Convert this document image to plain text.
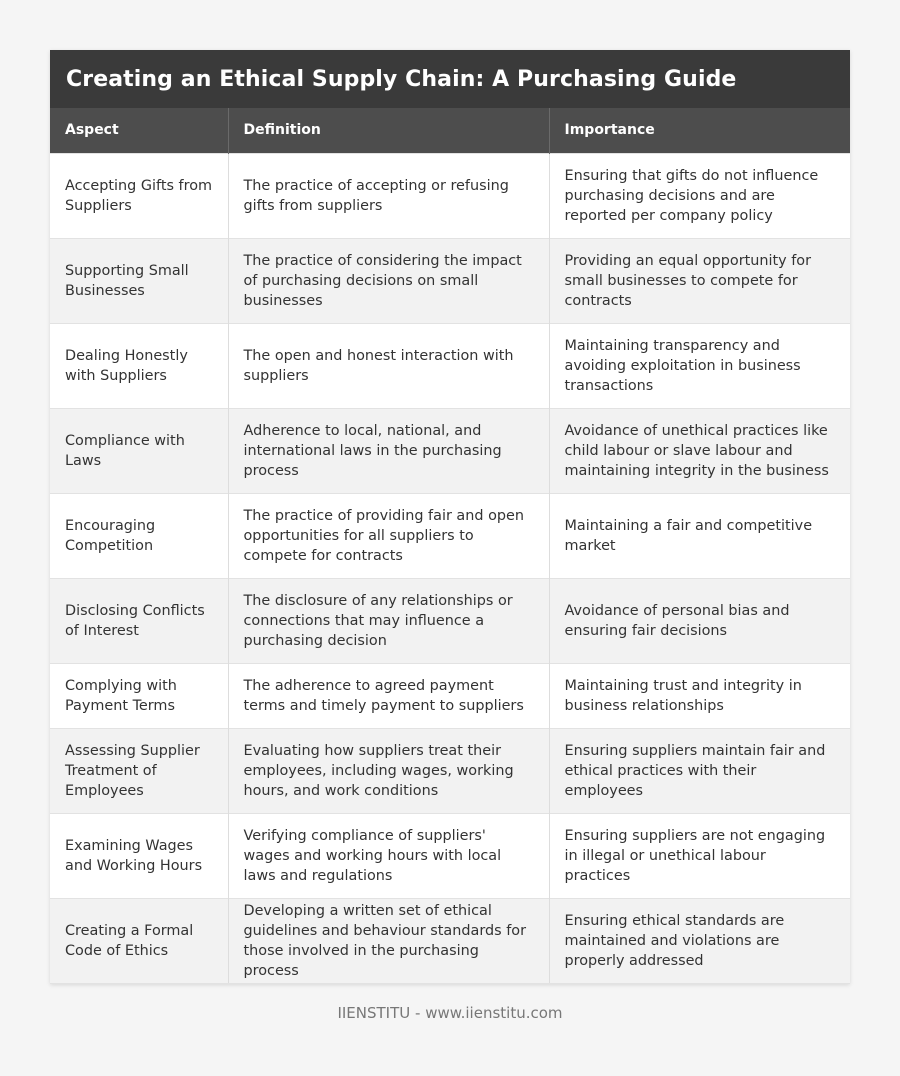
Creating an Ethical Supply Chain: A Purchasing Guide
Aspect	Definition	Importance
Accepting Gifts from Suppliers	The practice of accepting or refusing gifts from suppliers	Ensuring that gifts do not influence purchasing decisions and are reported per company policy
Supporting Small Businesses	The practice of considering the impact of purchasing decisions on small businesses	Providing an equal opportunity for small businesses to compete for contracts
Dealing Honestly with Suppliers	The open and honest interaction with suppliers	Maintaining transparency and avoiding exploitation in business transactions
Compliance with Laws	Adherence to local, national, and international laws in the purchasing process	Avoidance of unethical practices like child labour or slave labour and maintaining integrity in the business
Encouraging Competition	The practice of providing fair and open opportunities for all suppliers to compete for contracts	Maintaining a fair and competitive market
Disclosing Conflicts of Interest	The disclosure of any relationships or connections that may influence a purchasing decision	Avoidance of personal bias and ensuring fair decisions
Complying with Payment Terms	The adherence to agreed payment terms and timely payment to suppliers	Maintaining trust and integrity in business relationships
Assessing Supplier Treatment of Employees	Evaluating how suppliers treat their employees, including wages, working hours, and work conditions	Ensuring suppliers maintain fair and ethical practices with their employees
Examining Wages and Working Hours	Verifying compliance of suppliers' wages and working hours with local laws and regulations	Ensuring suppliers are not engaging in illegal or unethical labour practices
Creating a Formal Code of Ethics	Developing a written set of ethical guidelines and behaviour standards for those involved in the purchasing process	Ensuring ethical standards are maintained and violations are properly addressed
IIENSTITU - www.iienstitu.com
